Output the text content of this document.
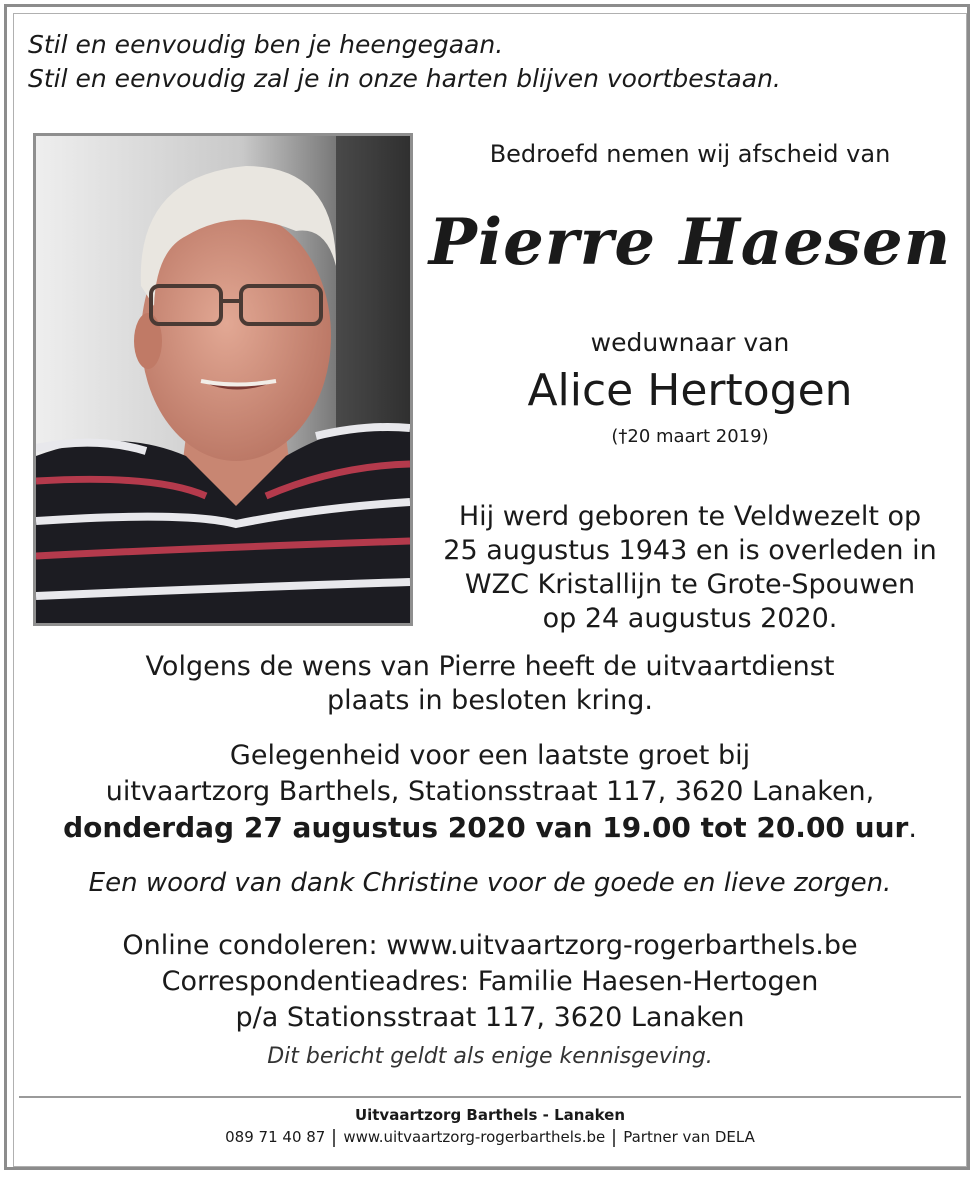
Stil en eenvoudig ben je heengegaan.
Stil en eenvoudig zal je in onze harten blijven voortbestaan.
Bedroefd nemen wij afscheid van
Pierre Haesen
weduwnaar van
Alice Hertogen
(†20 maart 2019)
Hij werd geboren te Veldwezelt op
25 augustus 1943 en is overleden in
WZC Kristallijn te Grote-Spouwen
op 24 augustus 2020.
Volgens de wens van Pierre heeft de uitvaartdienst
plaats in besloten kring.
Gelegenheid voor een laatste groet bij
uitvaartzorg Barthels, Stationsstraat 117, 3620 Lanaken,
donderdag 27 augustus 2020 van 19.00 tot 20.00 uur.
Een woord van dank Christine voor de goede en lieve zorgen.
Online condoleren: www.uitvaartzorg-rogerbarthels.be
Correspondentieadres: Familie Haesen-Hertogen
p/a Stationsstraat 117, 3620 Lanaken
Dit bericht geldt als enige kennisgeving.
Uitvaartzorg Barthels - Lanaken
089 71 40 87 www.uitvaartzorg-rogerbarthels.be Partner van DELA
